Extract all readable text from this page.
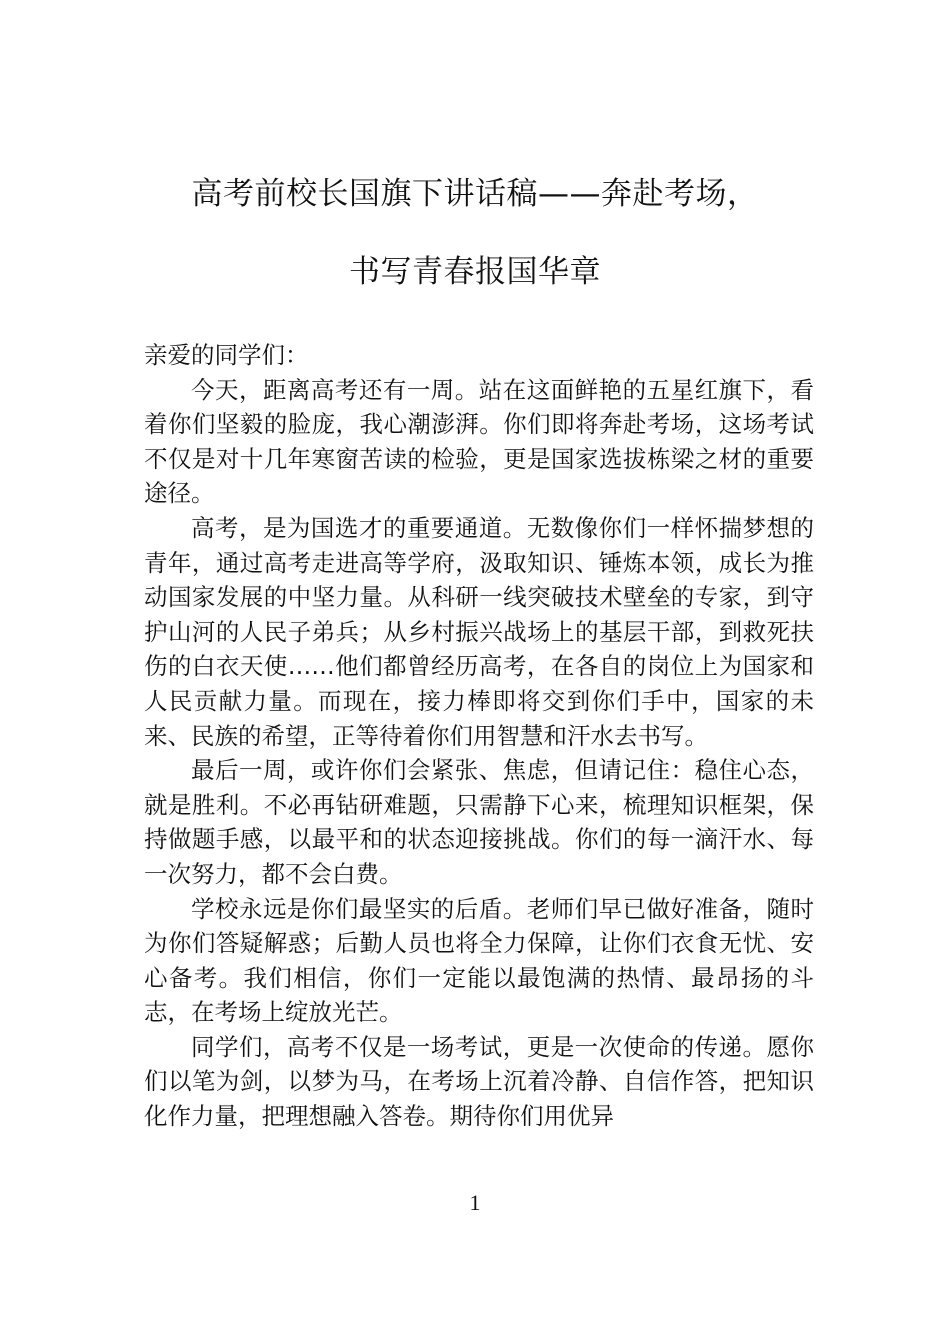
高考前校长国旗下讲话稿——奔赴考场，
书写青春报国华章

亲爱的同学们：

今天，距离高考还有一周。站在这面鲜艳的五星红旗下，看着你们坚毅的脸庞，我心潮澎湃。你们即将奔赴考场，这场考试不仅是对十几年寒窗苦读的检验，更是国家选拔栋梁之材的重要途径。

高考，是为国选才的重要通道。无数像你们一样怀揣梦想的青年，通过高考走进高等学府，汲取知识、锤炼本领，成长为推动国家发展的中坚力量。从科研一线突破技术壁垒的专家，到守护山河的人民子弟兵；从乡村振兴战场上的基层干部，到救死扶伤的白衣天使……他们都曾经历高考，在各自的岗位上为国家和人民贡献力量。而现在，接力棒即将交到你们手中，国家的未来、民族的希望，正等待着你们用智慧和汗水去书写。

最后一周，或许你们会紧张、焦虑，但请记住：稳住心态，就是胜利。不必再钻研难题，只需静下心来，梳理知识框架，保持做题手感，以最平和的状态迎接挑战。你们的每一滴汗水、每一次努力，都不会白费。

学校永远是你们最坚实的后盾。老师们早已做好准备，随时为你们答疑解惑；后勤人员也将全力保障，让你们衣食无忧、安心备考。我们相信，你们一定能以最饱满的热情、最昂扬的斗志，在考场上绽放光芒。

同学们，高考不仅是一场考试，更是一次使命的传递。愿你们以笔为剑，以梦为马，在考场上沉着冷静、自信作答，把知识化作力量，把理想融入答卷。期待你们用优异

1
